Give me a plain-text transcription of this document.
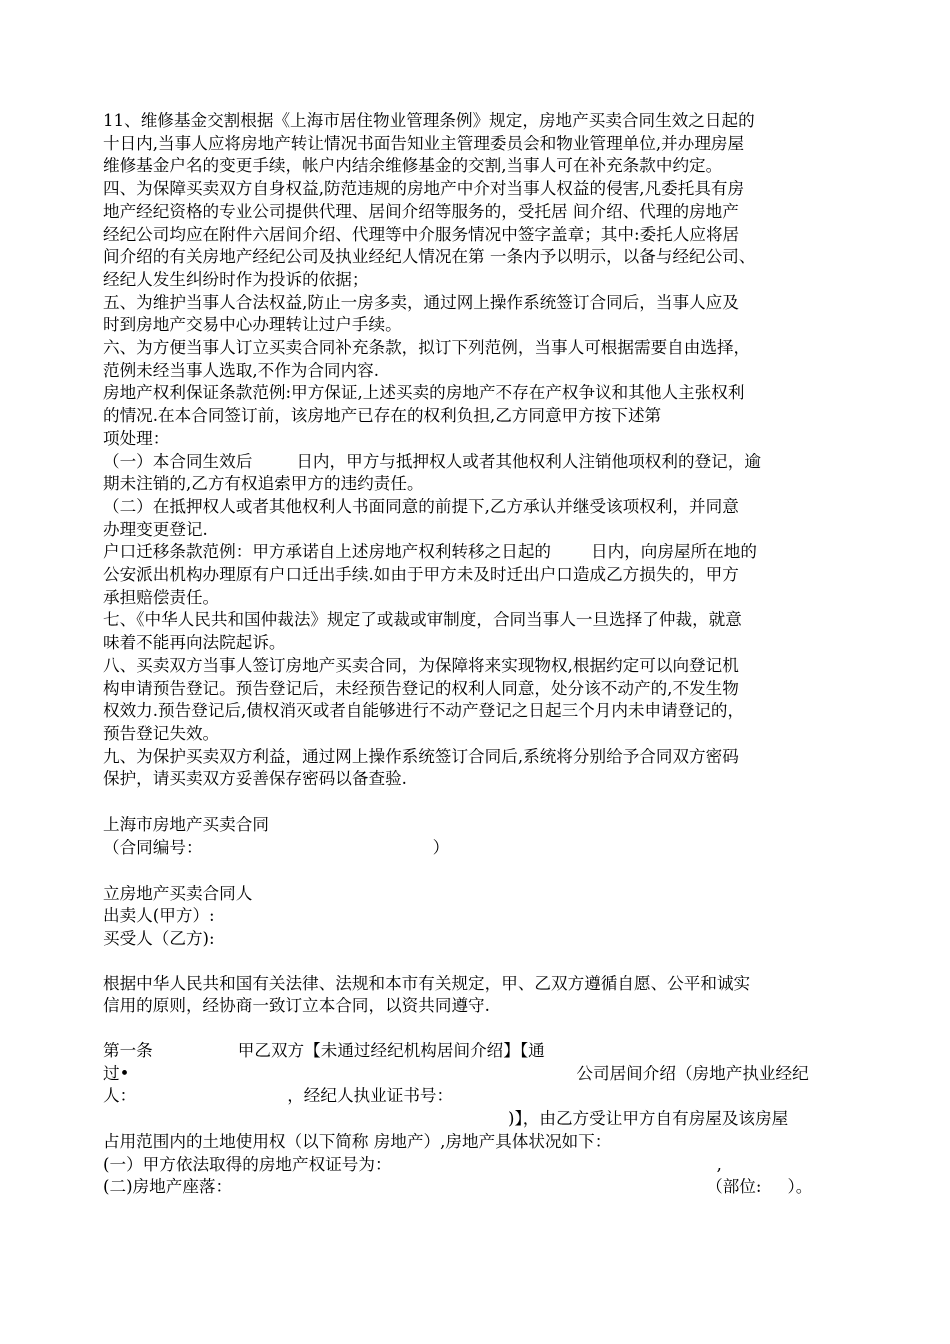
11、维修基金交割根据《上海市居住物业管理条例》规定，房地产买卖合同生效之日起的

十日内,当事人应将房地产转让情况书面告知业主管理委员会和物业管理单位,并办理房屋

维修基金户名的变更手续，帐户内结余维修基金的交割,当事人可在补充条款中约定。

四、为保障买卖双方自身权益,防范违规的房地产中介对当事人权益的侵害,凡委托具有房

地产经纪资格的专业公司提供代理、居间介绍等服务的，受托居 间介绍、代理的房地产

经纪公司均应在附件六居间介绍、代理等中介服务情况中签字盖章；其中:委托人应将居

间介绍的有关房地产经纪公司及执业经纪人情况在第 一条内予以明示，以备与经纪公司、

经纪人发生纠纷时作为投诉的依据；

五、为维护当事人合法权益,防止一房多卖，通过网上操作系统签订合同后，当事人应及

时到房地产交易中心办理转让过户手续。

六、为方便当事人订立买卖合同补充条款，拟订下列范例，当事人可根据需要自由选择，

范例未经当事人选取,不作为合同内容.

房地产权利保证条款范例:甲方保证,上述买卖的房地产不存在产权争议和其他人主张权利

的情况.在本合同签订前，该房地产已存在的权利负担,乙方同意甲方按下述第

项处理：

（一）本合同生效后	日内，甲方与抵押权人或者其他权利人注销他项权利的登记，逾

期未注销的,乙方有权追索甲方的违约责任。

（二）在抵押权人或者其他权利人书面同意的前提下,乙方承认并继受该项权利，并同意

办理变更登记.

户口迁移条款范例：甲方承诺自上述房地产权利转移之日起的 日内，向房屋所在地的

公安派出机构办理原有户口迁出手续.如由于甲方未及时迁出户口造成乙方损失的，甲方

承担赔偿责任。

七、《中华人民共和国仲裁法》规定了或裁或审制度，合同当事人一旦选择了仲裁，就意

味着不能再向法院起诉。

八、买卖双方当事人签订房地产买卖合同，为保障将来实现物权,根据约定可以向登记机

构申请预告登记。预告登记后，未经预告登记的权利人同意，处分该不动产的,不发生物

权效力.预告登记后,债权消灭或者自能够进行不动产登记之日起三个月内未申请登记的，

预告登记失效。

九、为保护买卖双方利益，通过网上操作系统签订合同后,系统将分别给予合同双方密码

保护，请买卖双方妥善保存密码以备查验.

上海市房地产买卖合同

（合同编号：	）

立房地产买卖合同人

出卖人(甲方）:

买受人（乙方):

根据中华人民共和国有关法律、法规和本市有关规定，甲、乙双方遵循自愿、公平和诚实

信用的原则，经协商一致订立本合同，以资共同遵守.

第一条	甲乙双方【未通过经纪机构居间介绍】【通

过•	公司居间介绍（房地产执业经纪

人：	，经纪人执业证书号：

)】，由乙方受让甲方自有房屋及该房屋

占用范围内的土地使用权（以下简称 房地产）,房地产具体状况如下：

(一）甲方依法取得的房地产权证号为：	,

(二)房地产座落：	（部位: ）。
